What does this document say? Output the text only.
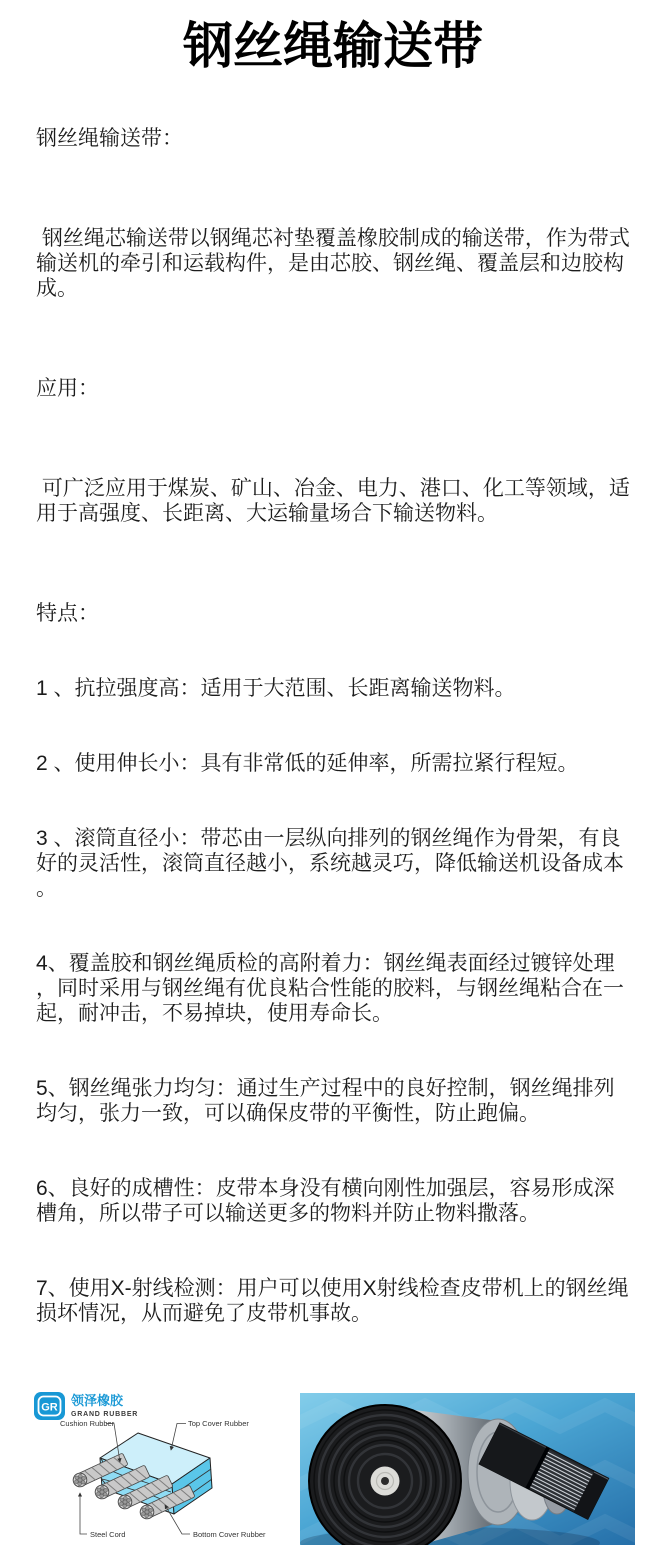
钢丝绳输送带

钢丝绳输送带：

钢丝绳芯输送带以钢绳芯衬垫覆盖橡胶制成的输送带，作为带式输送机的牵引和运载构件，是由芯胶、钢丝绳、覆盖层和边胶构成。

应用：

可广泛应用于煤炭、矿山、冶金、电力、港口、化工等领域，适用于高强度、长距离、大运输量场合下输送物料。

特点：

1 、抗拉强度高：适用于大范围、长距离输送物料。

2 、使用伸长小：具有非常低的延伸率，所需拉紧行程短。

3 、滚筒直径小：带芯由一层纵向排列的钢丝绳作为骨架，有良好的灵活性，滚筒直径越小，系统越灵巧，降低输送机设备成本。

4、覆盖胶和钢丝绳质检的高附着力：钢丝绳表面经过镀锌处理，同时采用与钢丝绳有优良粘合性能的胶料，与钢丝绳粘合在一起，耐冲击，不易掉块，使用寿命长。

5、钢丝绳张力均匀：通过生产过程中的良好控制，钢丝绳排列均匀，张力一致，可以确保皮带的平衡性，防止跑偏。

6、良好的成槽性：皮带本身没有横向刚性加强层，容易形成深槽角，所以带子可以输送更多的物料并防止物料撒落。

7、使用X-射线检测：用户可以使用X射线检查皮带机上的钢丝绳损坏情况，从而避免了皮带机事故。

GR 领泽橡胶
GRAND RUBBER
Cushion Rubber	Top Cover Rubber
Steel Cord	Bottom Cover Rubber
